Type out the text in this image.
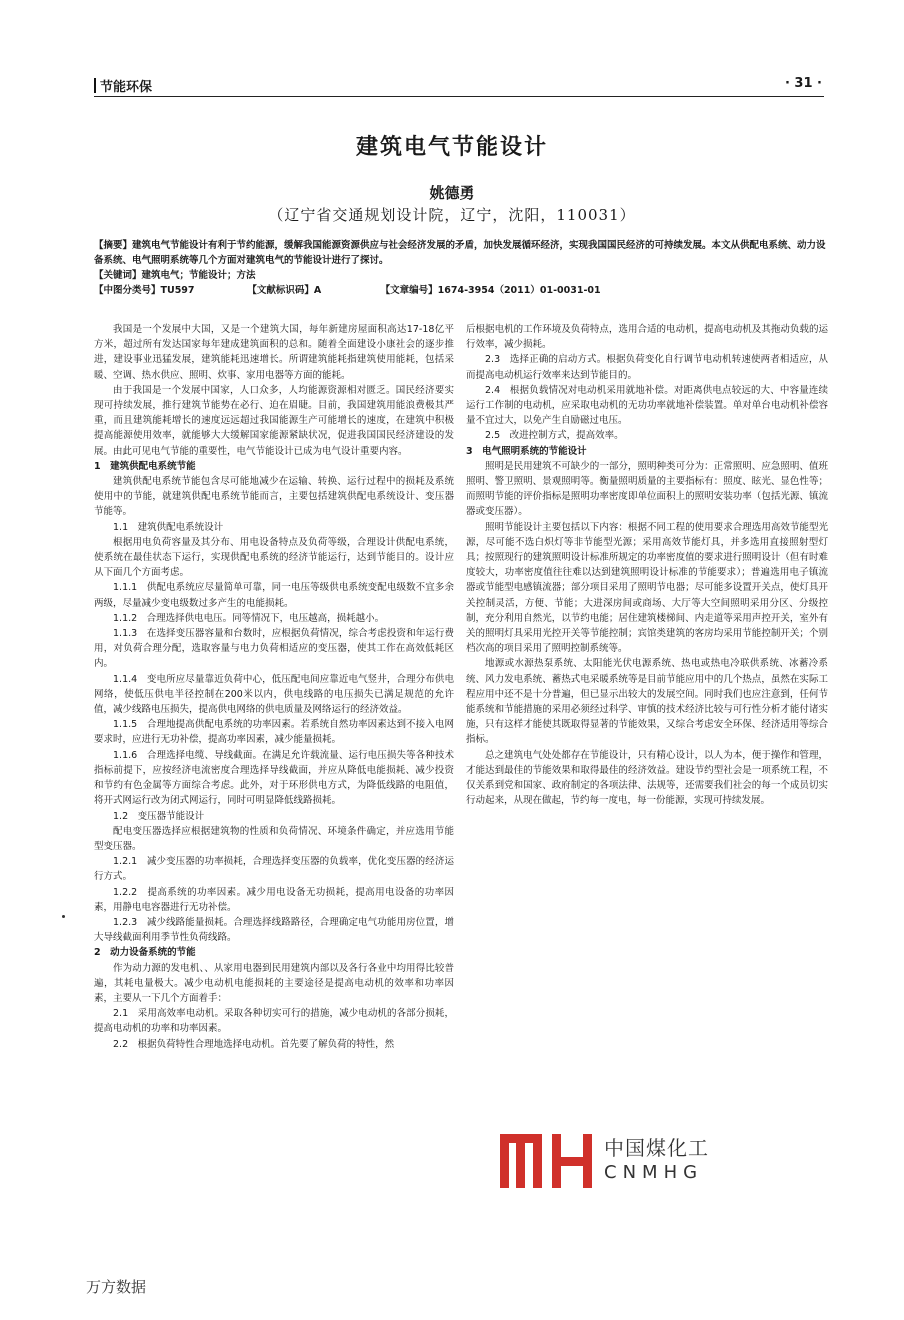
节能环保	· 31 ·
建筑电气节能设计
姚德勇
（辽宁省交通规划设计院，辽宁，沈阳，110031）

【摘要】建筑电气节能设计有利于节约能源，缓解我国能源资源供应与社会经济发展的矛盾，加快发展循环经济，实现我国国民经济的可持续发展。本文从供配电系统、动力设备系统、电气照明系统等几个方面对建筑电气的节能设计进行了探讨。

【关键词】建筑电气；节能设计；方法

【中图分类号】TU597	【文献标识码】A	【文章编号】1674-3954（2011）01-0031-01

我国是一个发展中大国，又是一个建筑大国，每年新建房屋面积高达17-18亿平方米，超过所有发达国家每年建成建筑面积的总和。随着全面建设小康社会的逐步推进，建设事业迅猛发展，建筑能耗迅速增长。所谓建筑能耗指建筑使用能耗，包括采暖、空调、热水供应、照明、炊事、家用电器等方面的能耗。

由于我国是一个发展中国家，人口众多，人均能源资源相对匮乏。国民经济要实现可持续发展，推行建筑节能势在必行、迫在眉睫。目前，我国建筑用能浪费极其严重，而且建筑能耗增长的速度远远超过我国能源生产可能增长的速度，在建筑中积极提高能源使用效率，就能够大大缓解国家能源紧缺状况，促进我国国民经济建设的发展。由此可见电气节能的重要性，电气节能设计已成为电气设计重要内容。

1　建筑供配电系统节能

建筑供配电系统节能包含尽可能地减少在运输、转换、运行过程中的损耗及系统使用中的节能，就建筑供配电系统节能而言，主要包括建筑供配电系统设计、变压器节能等。

1.1　建筑供配电系统设计

根据用电负荷容量及其分布、用电设备特点及负荷等级，合理设计供配电系统，使系统在最佳状态下运行，实现供配电系统的经济节能运行，达到节能目的。设计应从下面几个方面考虑。

1.1.1　供配电系统应尽量简单可靠，同一电压等级供电系统变配电级数不宜多余两级，尽量减少变电级数过多产生的电能损耗。

1.1.2　合理选择供电电压。同等情况下，电压越高，损耗越小。

1.1.3　在选择变压器容量和台数时，应根据负荷情况，综合考虑投资和年运行费用，对负荷合理分配，选取容量与电力负荷相适应的变压器，使其工作在高效低耗区内。

1.1.4　变电所应尽量靠近负荷中心，低压配电间应靠近电气竖井，合理分布供电网络，使低压供电半径控制在200米以内，供电线路的电压损失已满足规范的允许值，减少线路电压损失，提高供电网络的供电质量及网络运行的经济效益。

1.1.5　合理地提高供配电系统的功率因素。若系统自然功率因素达到不接入电网要求时，应进行无功补偿，提高功率因素，减少能量损耗。

1.1.6　合理选择电缆、导线截面。在满足允许载流量、运行电压损失等各种技术指标前提下，应按经济电流密度合理选择导线截面，并应从降低电能损耗、减少投资和节约有色金属等方面综合考虑。此外，对于环形供电方式，为降低线路的电阻值，将开式网运行改为闭式网运行，同时可明显降低线路损耗。

1.2　变压器节能设计

配电变压器选择应根据建筑物的性质和负荷情况、环境条件确定，并应选用节能型变压器。

1.2.1　减少变压器的功率损耗，合理选择变压器的负载率，优化变压器的经济运行方式。

1.2.2　提高系统的功率因素。减少用电设备无功损耗，提高用电设备的功率因素，用静电电容器进行无功补偿。

1.2.3　减少线路能量损耗。合理选择线路路径，合理确定电气功能用房位置，增大导线截面利用季节性负荷线路。

2　动力设备系统的节能

作为动力源的发电机、、从家用电器到民用建筑内部以及各行各业中均用得比较普遍，其耗电量极大。减少电动机电能损耗的主要途径是提高电动机的效率和功率因素，主要从一下几个方面着手：

2.1　采用高效率电动机。采取各种切实可行的措施，减少电动机的各部分损耗，提高电动机的功率和功率因素。

2.2　根据负荷特性合理地选择电动机。首先要了解负荷的特性，然

后根据电机的工作环境及负荷特点，选用合适的电动机，提高电动机及其拖动负载的运行效率，减少损耗。

2.3　选择正确的启动方式。根据负荷变化自行调节电动机转速使两者相适应，从而提高电动机运行效率来达到节能目的。

2.4　根据负载情况对电动机采用就地补偿。对距离供电点较远的大、中容量连续运行工作制的电动机，应采取电动机的无功功率就地补偿装置。单对单台电动机补偿容量不宜过大，以免产生自励磁过电压。

2.5　改进控制方式，提高效率。

3　电气照明系统的节能设计

照明是民用建筑不可缺少的一部分，照明种类可分为：正常照明、应急照明、值班照明、警卫照明、景观照明等。衡量照明质量的主要指标有：照度、眩光、显色性等；而照明节能的评价指标是照明功率密度即单位面积上的照明安装功率（包括光源、镇流器或变压器）。

照明节能设计主要包括以下内容：根据不同工程的使用要求合理选用高效节能型光源，尽可能不选白炽灯等非节能型光源；采用高效节能灯具，并多选用直接照射型灯具；按照现行的建筑照明设计标准所规定的功率密度值的要求进行照明设计（但有时难度较大，功率密度值往往难以达到建筑照明设计标准的节能要求）；普遍选用电子镇流器或节能型电感镇流器；部分项目采用了照明节电器；尽可能多设置开关点，使灯具开关控制灵活，方便、节能；大进深房间或商场、大厅等大空间照明采用分区、分级控制，充分利用自然光，以节约电能；居住建筑楼梯间、内走道等采用声控开关，室外有关的照明灯具采用光控开关等节能控制；宾馆类建筑的客房均采用节能控制开关；个别档次高的项目采用了照明控制系统等。

地源或水源热泵系统、太阳能光伏电源系统、热电或热电冷联供系统、冰蓄冷系统、风力发电系统、蓄热式电采暖系统等是目前节能应用中的几个热点，虽然在实际工程应用中还不是十分普遍，但已显示出较大的发展空间。同时我们也应注意到，任何节能系统和节能措施的采用必须经过科学、审慎的技术经济比较与可行性分析才能付诸实施，只有这样才能使其既取得显著的节能效果，又综合考虑安全环保、经济适用等综合指标。

总之建筑电气处处都存在节能设计，只有精心设计，以人为本，便于操作和管理，才能达到最佳的节能效果和取得最佳的经济效益。建设节约型社会是一项系统工程，不仅关系到党和国家、政府制定的各项法律、法规等，还需要我们社会的每一个成员切实行动起来，从现在做起，节约每一度电，每一份能源，实现可持续发展。

中国煤化工
CNMHG
万方数据
